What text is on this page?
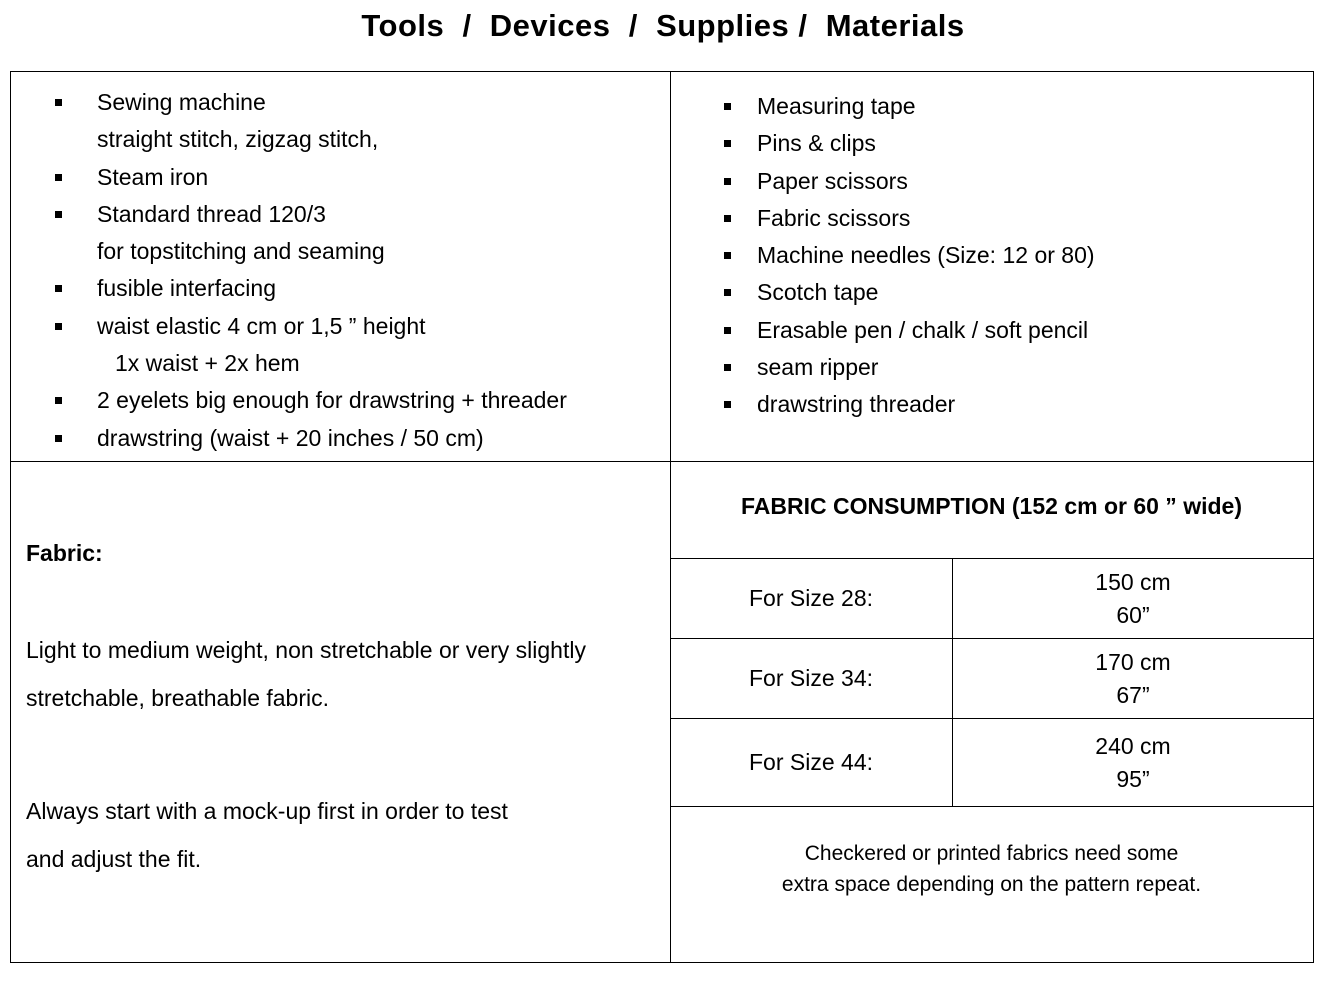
Tools  /  Devices  /  Supplies /  Materials
Sewing machine
straight stitch, zigzag stitch,
Steam iron
Standard thread 120/3
for topstitching and seaming
fusible interfacing
waist elastic 4 cm or 1,5 ” height
1x waist + 2x hem
2 eyelets big enough for drawstring + threader
drawstring (waist + 20 inches / 50 cm)
Measuring tape
Pins & clips
Paper scissors
Fabric scissors
Machine needles (Size: 12 or 80)
Scotch tape
Erasable pen / chalk / soft pencil
seam ripper
drawstring threader
Fabric:
Light to medium weight, non stretchable or very slightly
stretchable, breathable fabric.
Always start with a mock-up first in order to test
and adjust the fit.
FABRIC CONSUMPTION (152 cm or 60 ” wide)
For Size 28:
150 cm
60”
For Size 34:
170 cm
67”
For Size 44:
240 cm
95”
Checkered or printed fabrics need some
extra space depending on the pattern repeat.
